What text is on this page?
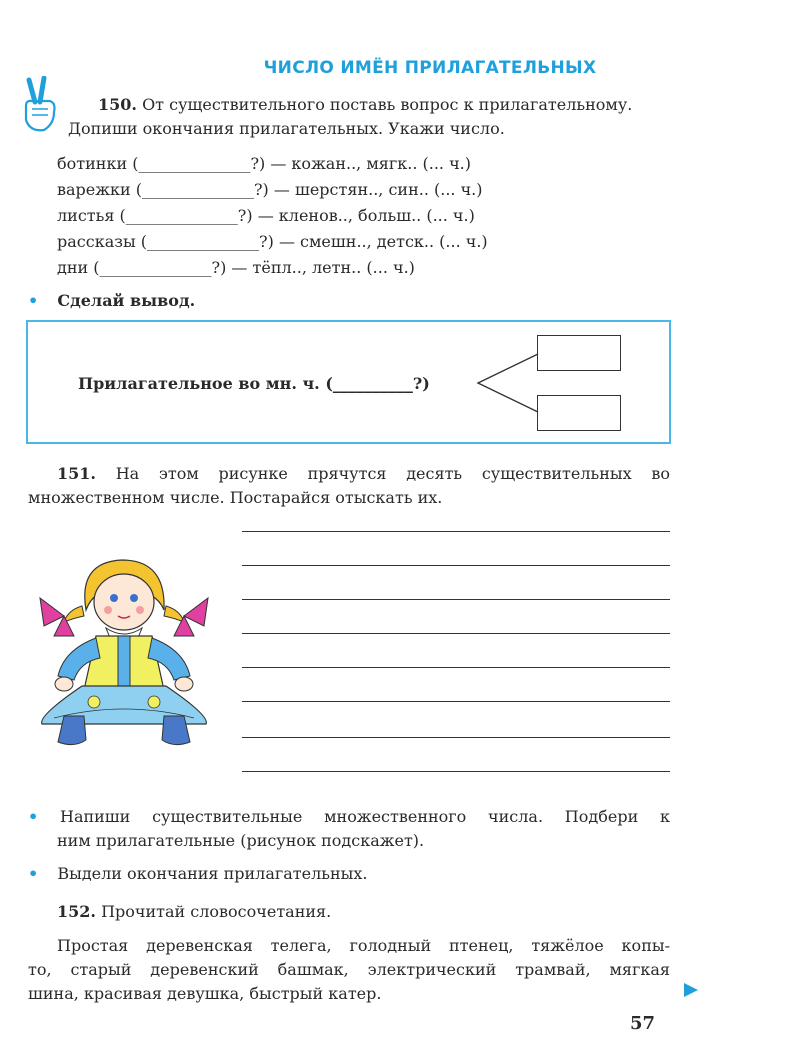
ЧИСЛО ИМЁН ПРИЛАГАТЕЛЬНЫХ
150. От существительного поставь вопрос к прилагательному.
Допиши окончания прилагательных. Укажи число.
ботинки (______________?) — кожан.., мягк.. (... ч.)
варежки (______________?) — шерстян.., син.. (... ч.)
листья (______________?) — кленов.., больш.. (... ч.)
рассказы (______________?) — смешн.., детск.. (... ч.)
дни (______________?) — тёпл.., летн.. (... ч.)
• Сделай вывод.
Прилагательное во мн. ч. (__________?)
151. На этом рисунке прячутся десять существительных во
множественном числе. Постарайся отыскать их.
• Напиши существительные множественного числа. Подбери к
ним прилагательные (рисунок подскажет).
• Выдели окончания прилагательных.
152. Прочитай словосочетания.
Простая деревенская телега, голодный птенец, тяжёлое копы-
то, старый деревенский башмак, электрический трамвай, мягкая
шина, красивая девушка, быстрый катер.
57
